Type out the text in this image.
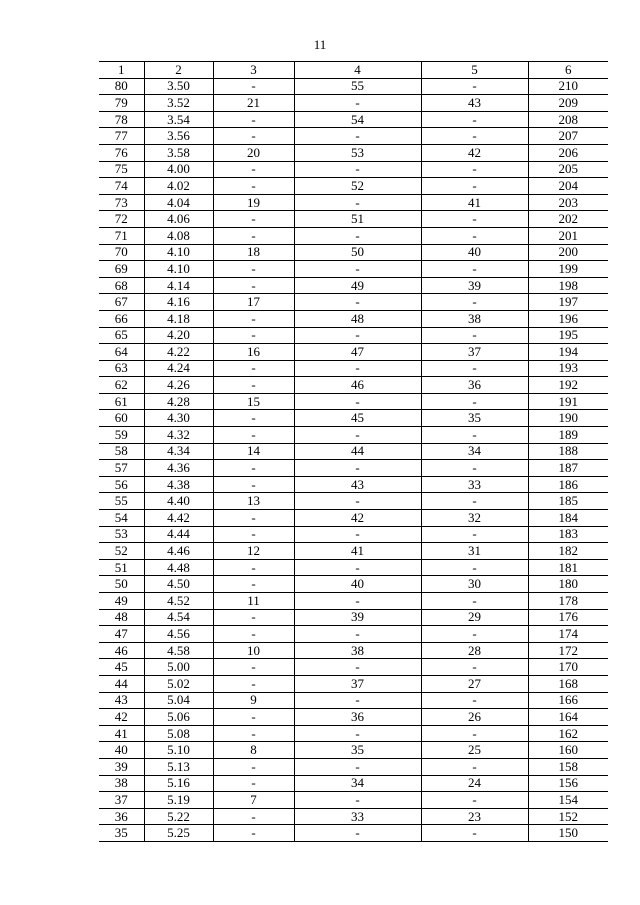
11
1	2	3	4	5	6
80	3.50	-	55	-	210
79	3.52	21	-	43	209
78	3.54	-	54	-	208
77	3.56	-	-	-	207
76	3.58	20	53	42	206
75	4.00	-	-	-	205
74	4.02	-	52	-	204
73	4.04	19	-	41	203
72	4.06	-	51	-	202
71	4.08	-	-	-	201
70	4.10	18	50	40	200
69	4.10	-	-	-	199
68	4.14	-	49	39	198
67	4.16	17	-	-	197
66	4.18	-	48	38	196
65	4.20	-	-	-	195
64	4.22	16	47	37	194
63	4.24	-	-	-	193
62	4.26	-	46	36	192
61	4.28	15	-	-	191
60	4.30	-	45	35	190
59	4.32	-	-	-	189
58	4.34	14	44	34	188
57	4.36	-	-	-	187
56	4.38	-	43	33	186
55	4.40	13	-	-	185
54	4.42	-	42	32	184
53	4.44	-	-	-	183
52	4.46	12	41	31	182
51	4.48	-	-	-	181
50	4.50	-	40	30	180
49	4.52	11	-	-	178
48	4.54	-	39	29	176
47	4.56	-	-	-	174
46	4.58	10	38	28	172
45	5.00	-	-	-	170
44	5.02	-	37	27	168
43	5.04	9	-	-	166
42	5.06	-	36	26	164
41	5.08	-	-	-	162
40	5.10	8	35	25	160
39	5.13	-	-	-	158
38	5.16	-	34	24	156
37	5.19	7	-	-	154
36	5.22	-	33	23	152
35	5.25	-	-	-	150
